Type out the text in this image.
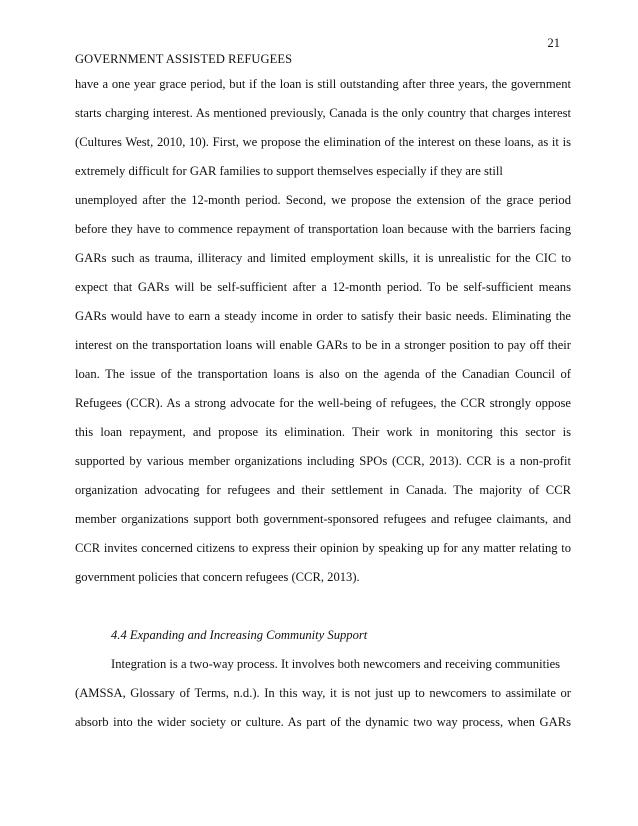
21
GOVERNMENT ASSISTED REFUGEES
have a one year grace period, but if the loan is still outstanding after three years, the government
starts charging interest. As mentioned previously, Canada is the only country that charges interest
(Cultures West, 2010, 10). First, we propose the elimination of the interest on these loans, as it is
extremely difficult for GAR families to support themselves especially if they are still
unemployed after the 12-month period. Second, we propose the extension of the grace period
before they have to commence repayment of transportation loan because with the barriers facing
GARs such as trauma, illiteracy and limited employment skills, it is unrealistic for the CIC to
expect that GARs will be self-sufficient after a 12-month period. To be self-sufficient means
GARs would have to earn a steady income in order to satisfy their basic needs. Eliminating the
interest on the transportation loans will enable GARs to be in a stronger position to pay off their
loan. The issue of the transportation loans is also on the agenda of the Canadian Council of
Refugees (CCR). As a strong advocate for the well-being of refugees, the CCR strongly oppose
this loan repayment, and propose its elimination. Their work in monitoring this sector is
supported by various member organizations including SPOs (CCR, 2013). CCR is a non-profit
organization advocating for refugees and their settlement in Canada. The majority of CCR
member organizations support both government-sponsored refugees and refugee claimants, and
CCR invites concerned citizens to express their opinion by speaking up for any matter relating to
government policies that concern refugees (CCR, 2013).
4.4 Expanding and Increasing Community Support
Integration is a two-way process. It involves both newcomers and receiving communities
(AMSSA, Glossary of Terms, n.d.). In this way, it is not just up to newcomers to assimilate or
absorb into the wider society or culture. As part of the dynamic two way process, when GARs
